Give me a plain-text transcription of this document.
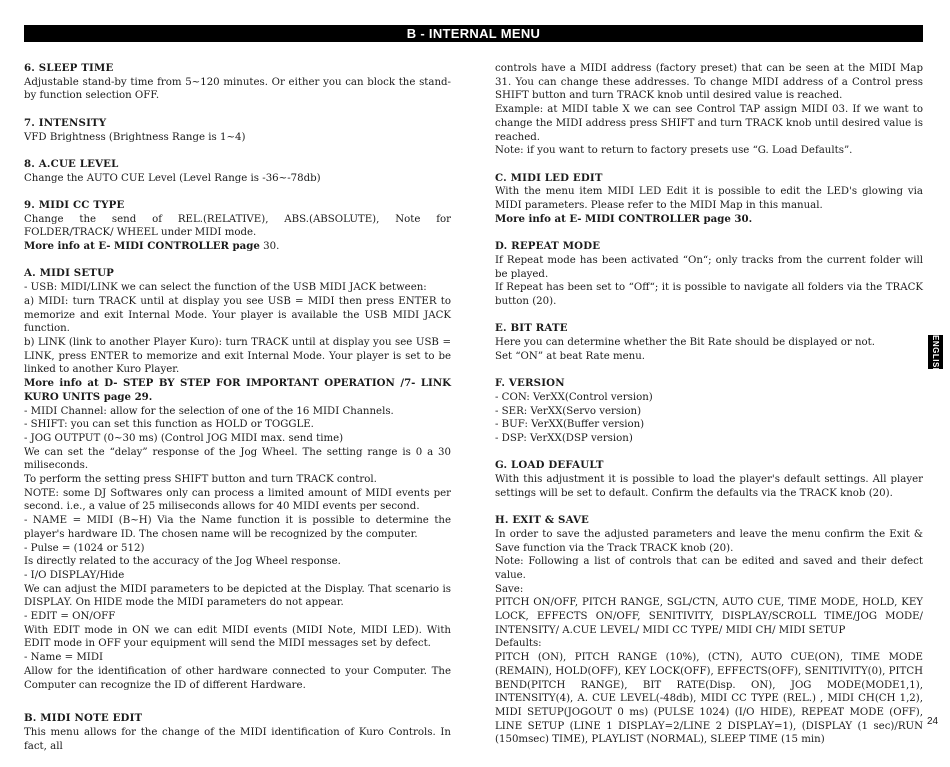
B - INTERNAL MENU
6. SLEEP TIME
Adjustable stand-by time from 5~120 minutes. Or either you can block the stand-by function selection OFF.
7. INTENSITY
VFD Brightness (Brightness Range is 1~4)
8. A.CUE LEVEL
Change the AUTO CUE Level (Level Range is -36~-78db)
9. MIDI CC TYPE
Change the send of REL.(RELATIVE), ABS.(ABSOLUTE), Note for FOLDER/TRACK/ WHEEL under MIDI mode.
More info at E- MIDI CONTROLLER page 30.
A. MIDI SETUP
- USB: MIDI/LINK we can select the function of the USB MIDI JACK between:
a) MIDI: turn TRACK until at display you see USB = MIDI then press ENTER to memorize and exit Internal Mode. Your player is available the USB MIDI JACK function.
b) LINK (link to another Player Kuro): turn TRACK until at display you see USB = LINK, press ENTER to memorize and exit Internal Mode. Your player is set to be linked to another Kuro Player.
More info at D- STEP BY STEP FOR IMPORTANT OPERATION /7- LINK KURO UNITS page 29.
- MIDI Channel: allow for the selection of one of the 16 MIDI Channels.
- SHIFT: you can set this function as HOLD or TOGGLE.
- JOG OUTPUT (0~30 ms) (Control JOG MIDI max. send time)
We can set the “delay” response of the Jog Wheel. The setting range is 0 a 30 miliseconds.
To perform the setting press SHIFT button and turn TRACK control.
NOTE: some DJ Softwares only can process a limited amount of MIDI events per second. i.e., a value of 25 miliseconds allows for 40 MIDI events per second.
- NAME = MIDI (B~H) Via the Name function it is possible to determine the player's hardware ID. The chosen name will be recognized by the computer.
- Pulse = (1024 or 512)
Is directly related to the accuracy of the Jog Wheel response.
- I/O DISPLAY/Hide
We can adjust the MIDI parameters to be depicted at the Display. That scenario is DISPLAY. On HIDE mode the MIDI parameters do not appear.
- EDIT = ON/OFF
With EDIT mode in ON we can edit MIDI events (MIDI Note, MIDI LED). With EDIT mode in OFF your equipment will send the MIDI messages set by defect.
- Name = MIDI
Allow for the identification of other hardware connected to your Computer. The Computer can recognize the ID of different Hardware.
B. MIDI NOTE EDIT
This menu allows for the change of the MIDI identification of Kuro Controls. In fact, all
controls have a MIDI address (factory preset) that can be seen at the MIDI Map 31. You can change these addresses. To change MIDI address of a Control press SHIFT button and turn TRACK knob until desired value is reached.
Example: at MIDI table X we can see Control TAP assign MIDI 03. If we want to change the MIDI address press SHIFT and turn TRACK knob until desired value is reached.
Note: if you want to return to factory presets use “G. Load Defaults”.
C. MIDI LED EDIT
With the menu item MIDI LED Edit it is possible to edit the LED's glowing via MIDI parameters. Please refer to the MIDI Map in this manual.
More info at E- MIDI CONTROLLER page 30.
D. REPEAT MODE
If Repeat mode has been activated “On“; only tracks from the current folder will be played.
If Repeat has been set to “Off“; it is possible to navigate all folders via the TRACK button (20).
E. BIT RATE
Here you can determine whether the Bit Rate should be displayed or not.
Set “ON” at beat Rate menu.
F. VERSION
- CON: VerXX(Control version)
- SER: VerXX(Servo version)
- BUF: VerXX(Buffer version)
- DSP: VerXX(DSP version)
G. LOAD DEFAULT
With this adjustment it is possible to load the player's default settings. All player settings will be set to default. Confirm the defaults via the TRACK knob (20).
H. EXIT & SAVE
In order to save the adjusted parameters and leave the menu confirm the Exit & Save function via the Track TRACK knob (20).
Note: Following a list of controls that can be edited and saved and their defect value.
Save:
PITCH ON/OFF, PITCH RANGE, SGL/CTN, AUTO CUE, TIME MODE, HOLD, KEY LOCK, EFFECTS ON/OFF, SENITIVITY, DISPLAY/SCROLL TIME/JOG MODE/ INTENSITY/ A.CUE LEVEL/ MIDI CC TYPE/ MIDI CH/ MIDI SETUP
Defaults:
PITCH (ON), PITCH RANGE (10%), (CTN), AUTO CUE(ON), TIME MODE (REMAIN), HOLD(OFF), KEY LOCK(OFF), EFFECTS(OFF), SENITIVITY(0), PITCH BEND(PITCH RANGE), BIT RATE(Disp. ON), JOG MODE(MODE1,1), INTENSITY(4), A. CUE LEVEL(-48db), MIDI CC TYPE (REL.) , MIDI CH(CH 1,2), MIDI SETUP(JOGOUT 0 ms) (PULSE 1024) (I/O HIDE), REPEAT MODE (OFF), LINE SETUP (LINE 1 DISPLAY=2/LINE 2 DISPLAY=1), (DISPLAY (1 sec)/RUN (150msec) TIME), PLAYLIST (NORMAL), SLEEP TIME (15 min)
ENGLISH
24
